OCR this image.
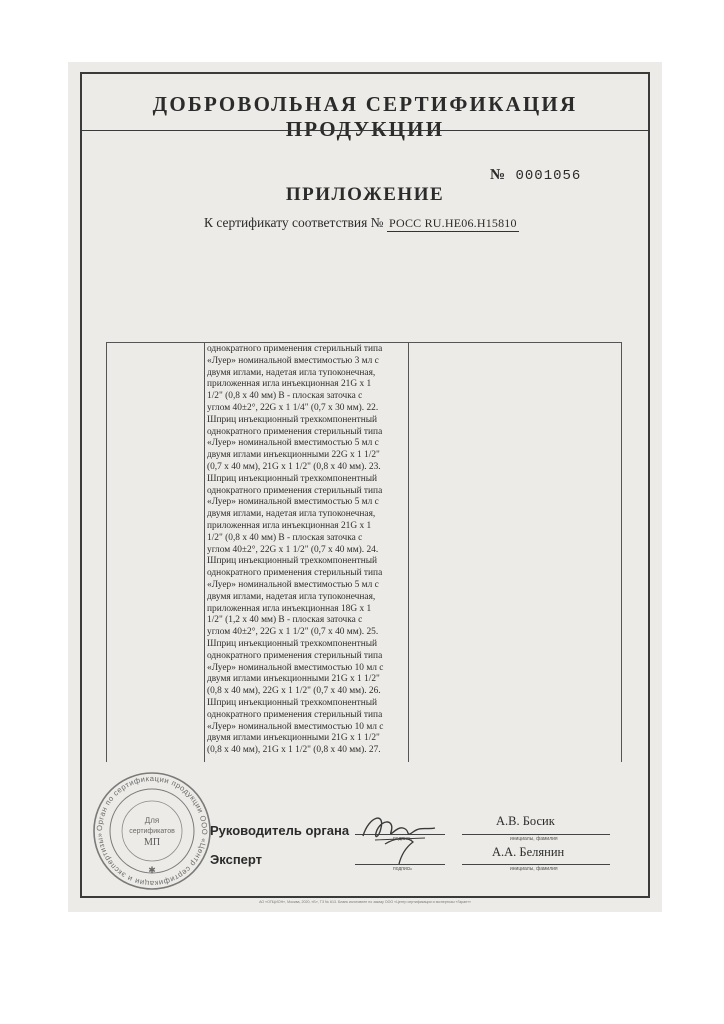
ДОБРОВОЛЬНАЯ СЕРТИФИКАЦИЯ ПРОДУКЦИИ
№ 0001056
ПРИЛОЖЕНИЕ
К сертификату соответствия № РОСС RU.НЕ06.Н15810
однократного применения стерильный типа
«Луер» номинальной вместимостью 3 мл с
двумя иглами, надетая игла тупоконечная,
приложенная игла инъекционная 21G x 1
1/2" (0,8 x 40 мм) B - плоская заточка с
углом 40±2°, 22G x 1 1/4" (0,7 x 30 мм). 22.
Шприц инъекционный трехкомпонентный
однократного применения стерильный типа
«Луер» номинальной вместимостью 5 мл с
двумя иглами инъекционными 22G x 1 1/2"
(0,7 x 40 мм), 21G x 1 1/2" (0,8 x 40 мм). 23.
Шприц инъекционный трехкомпонентный
однократного применения стерильный типа
«Луер» номинальной вместимостью 5 мл с
двумя иглами, надетая игла тупоконечная,
приложенная игла инъекционная 21G x 1
1/2" (0,8 x 40 мм) B - плоская заточка с
углом 40±2°, 22G x 1 1/2" (0,7 x 40 мм). 24.
Шприц инъекционный трехкомпонентный
однократного применения стерильный типа
«Луер» номинальной вместимостью 5 мл с
двумя иглами, надетая игла тупоконечная,
приложенная игла инъекционная 18G x 1
1/2" (1,2 x 40 мм) B - плоская заточка с
углом 40±2°, 22G x 1 1/2" (0,7 x 40 мм). 25.
Шприц инъекционный трехкомпонентный
однократного применения стерильный типа
«Луер» номинальной вместимостью 10 мл с
двумя иглами инъекционными 21G x 1 1/2"
(0,8 x 40 мм), 22G x 1 1/2" (0,7 x 40 мм). 26.
Шприц инъекционный трехкомпонентный
однократного применения стерильный типа
«Луер» номинальной вместимостью 10 мл с
двумя иглами инъекционными 21G x 1 1/2"
(0,8 x 40 мм), 21G x 1 1/2" (0,8 x 40 мм). 27.
Орган по сертификации продукции ООО «Центр сертификации и экспертизы»
Для
сертификатов
МП
✱
Руководитель органа
подпись
А.В. Босик
инициалы, фамилия
Эксперт
подпись
А.А. Белянин
инициалы, фамилия
АО «ОПЦИОН», Москва, 2020, «Б», ТЗ № 613. Бланк изготовлен по заказу ООО «Центр сертификации и экспертизы «Гарант»
